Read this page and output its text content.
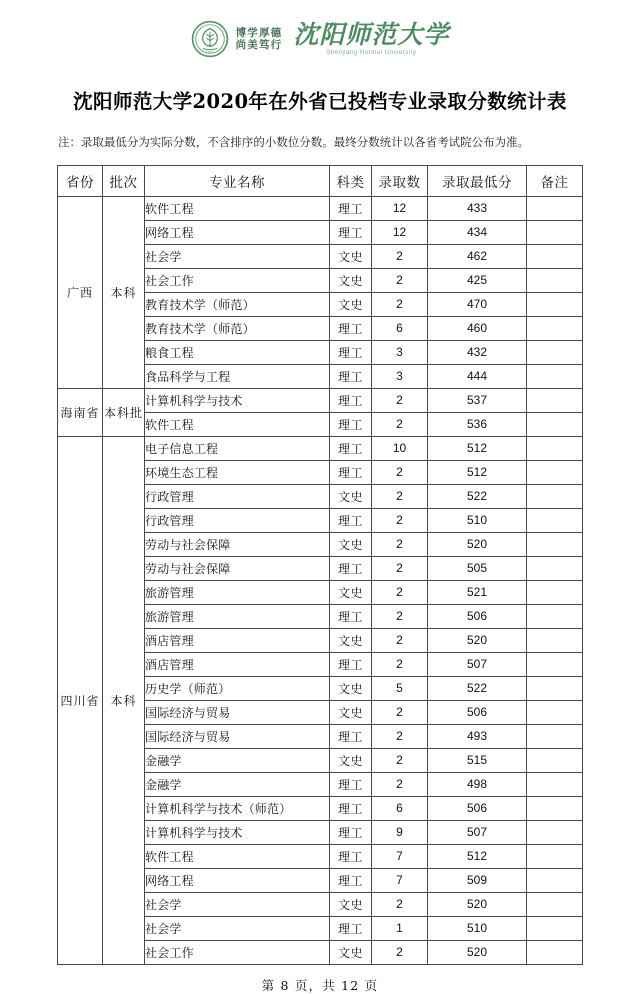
1951
博学厚德
尚美笃行 沈阳师范大学
Shenyang Normal University
沈阳师范大学2020年在外省已投档专业录取分数统计表

注：录取最低分为实际分数，不含排序的小数位分数。最终分数统计以各省考试院公布为准。

省份	批次	专业名称	科类	录取数	录取最低分	备注
广西	本科	软件工程	理工	12	433	
		网络工程	理工	12	434	
		社会学	文史	2	462	
		社会工作	文史	2	425	
		教育技术学（师范）	文史	2	470	
		教育技术学（师范）	理工	6	460	
		粮食工程	理工	3	432	
		食品科学与工程	理工	3	444	
海南省	本科批	计算机科学与技术	理工	2	537	
		软件工程	理工	2	536	
四川省	本科	电子信息工程	理工	10	512	
		环境生态工程	理工	2	512	
		行政管理	文史	2	522	
		行政管理	理工	2	510	
		劳动与社会保障	文史	2	520	
		劳动与社会保障	理工	2	505	
		旅游管理	文史	2	521	
		旅游管理	理工	2	506	
		酒店管理	文史	2	520	
		酒店管理	理工	2	507	
		历史学（师范）	文史	5	522	
		国际经济与贸易	文史	2	506	
		国际经济与贸易	理工	2	493	
		金融学	文史	2	515	
		金融学	理工	2	498	
		计算机科学与技术（师范）	理工	6	506	
		计算机科学与技术	理工	9	507	
		软件工程	理工	7	512	
		网络工程	理工	7	509	
		社会学	文史	2	520	
		社会学	理工	1	510	
		社会工作	文史	2	520	
第 8 页，共 12 页
